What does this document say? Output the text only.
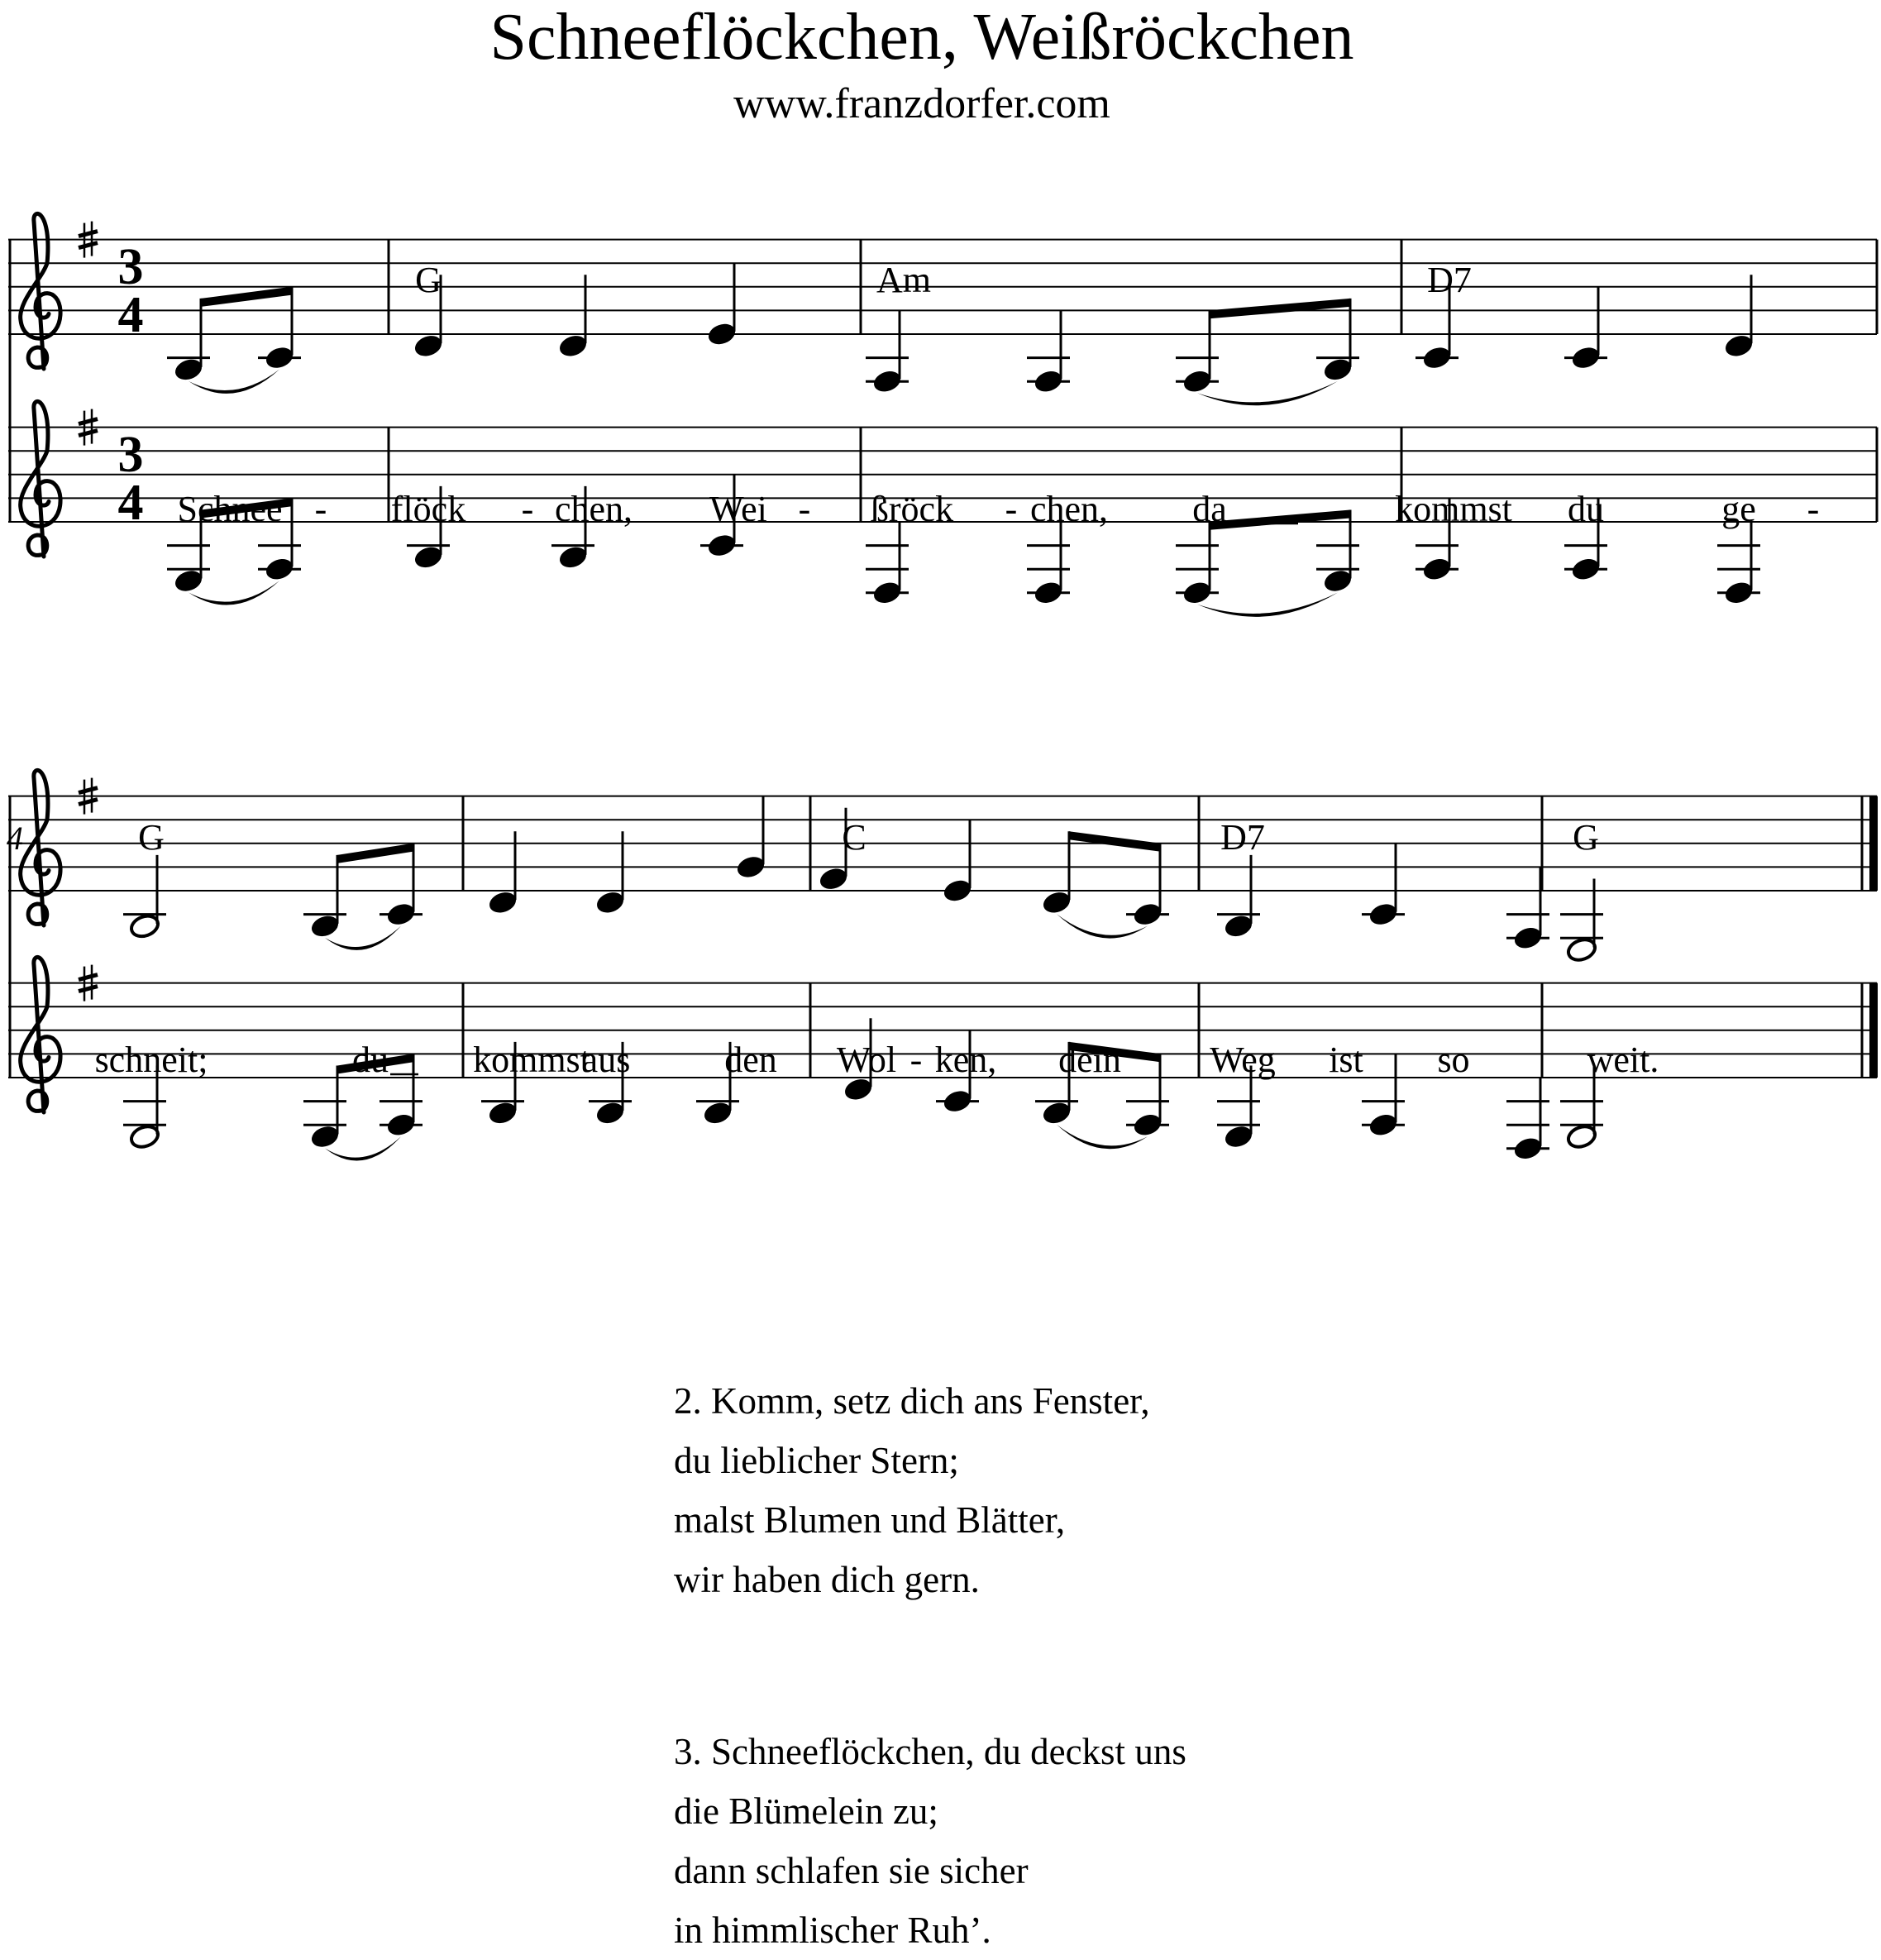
Schneeflöckchen, Weißröckchen
www.franzdorfer.com
3
4
3
4
G	Am	D7
Schnee - flöck - chen, Wei - ßröck - chen, da	kommst du	ge -
G	C	D7	G
schneit;	du kommst
aus	den Wol - ken, dein Weg ist so	weit.
4
2. Komm, setz dich ans Fenster,
du lieblicher Stern;
malst Blumen und Blätter,
wir haben dich gern.
3. Schneeflöckchen, du deckst uns
die Blümelein zu;
dann schlafen sie sicher
in himmlischer Ruh’.
